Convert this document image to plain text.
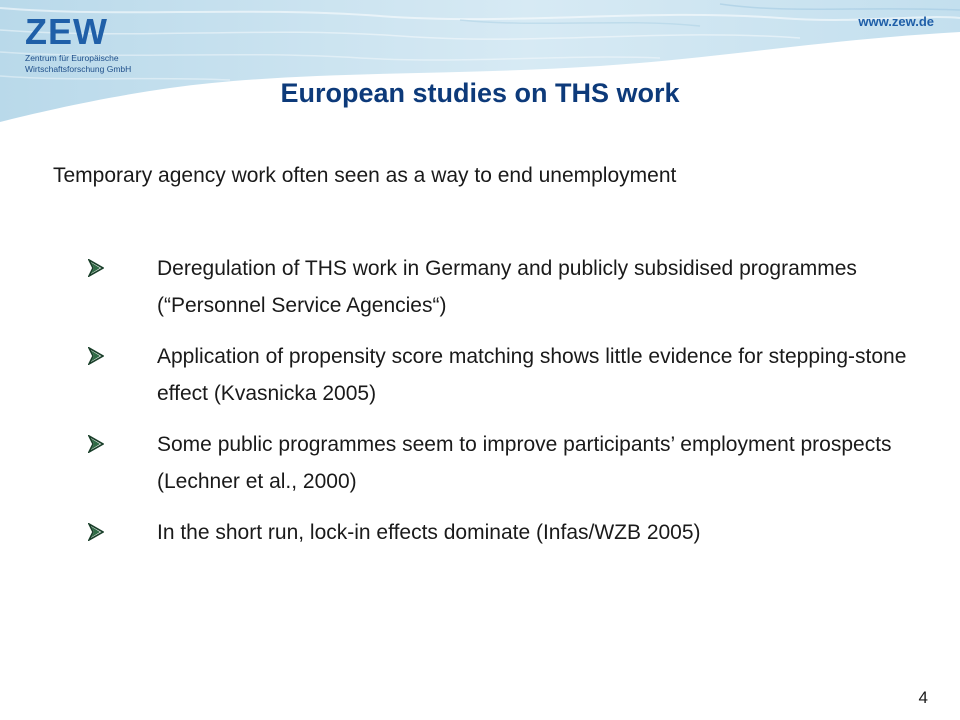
ZEW
Zentrum für Europäische
Wirtschaftsforschung GmbH
www.zew.de
European studies on THS work
Temporary agency work often seen as a way to end unemployment
Deregulation of THS work in Germany and publicly subsidised programmes (“Personnel Service Agencies“)
Application of propensity score matching shows little evidence for stepping-stone effect (Kvasnicka 2005)
Some public programmes seem to improve participants’ employment prospects (Lechner et al., 2000)
In the short run, lock-in effects dominate (Infas/WZB 2005)
4
